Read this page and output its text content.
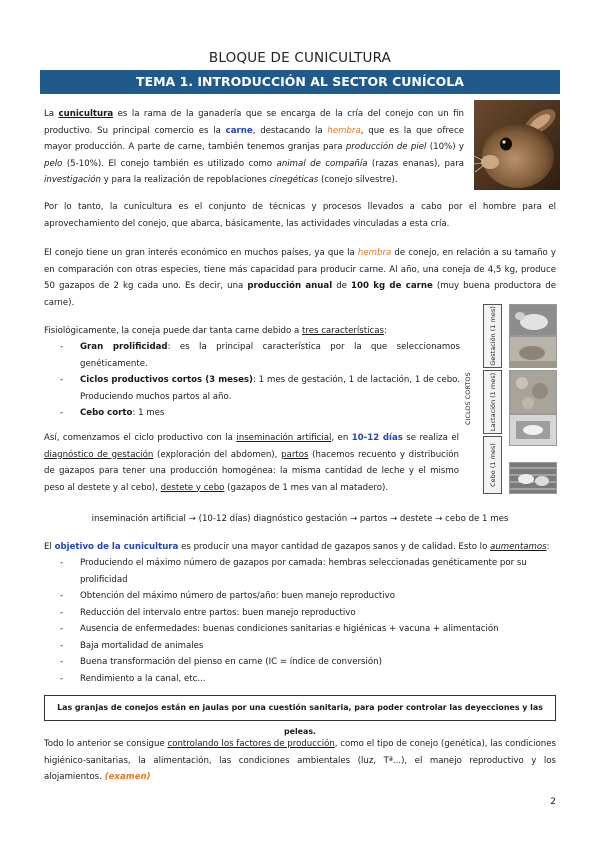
BLOQUE DE CUNICULTURA
TEMA 1. INTRODUCCIÓN AL SECTOR CUNÍCOLA

La cunicultura es la rama de la ganadería que se encarga de la cría del conejo con un fin productivo. Su principal comercio es la carne, destacando la hembra, que es la que ofrece mayor producción. A parte de carne, también tenemos granjas para producción de piel (10%) y pelo (5-10%). El conejo también es utilizado como animal de compañía (razas enanas), para investigación y para la realización de repoblaciones cinegéticas (conejo silvestre).

Por lo tanto, la cunicultura es el conjunto de técnicas y procesos llevados a cabo por el hombre para el aprovechamiento del conejo, que abarca, básicamente, las actividades vinculadas a esta cría.

El conejo tiene un gran interés económico en muchos países, ya que la hembra de conejo, en relación a su tamaño y en comparación con otras especies, tiene más capacidad para producir carne. Al año, una coneja de 4,5 kg, produce 50 gazapos de 2 kg cada uno. Es decir, una producción anual de 100 kg de carne (muy buena productora de carne).

Fisiológicamente, la coneja puede dar tanta carne debido a tres características:

- Gran prolificidad: es la principal característica por la que seleccionamos genéticamente.
- Ciclos productivos cortos (3 meses): 1 mes de gestación, 1 de lactación, 1 de cebo. Produciendo muchos partos al año.
- Cebo corto: 1 mes	CICLOS CORTOS
Gestación (1 mes)
Lactación (1 mes)
Cebo (1 mes)

Así, comenzamos el ciclo productivo con la inseminación artificial, en 10-12 días se realiza el diagnóstico de gestación (exploración del abdomen), partos (hacemos recuento y distribución de gazapos para tener una producción homogénea: la misma cantidad de leche y el mismo peso al destete y al cebo), destete y cebo (gazapos de 1 mes van al matadero).

inseminación artificial → (10-12 días) diagnóstico gestación → partos → destete → cebo de 1 mes

El objetivo de la cunicultura es producir una mayor cantidad de gazapos sanos y de calidad. Esto lo aumentamos:

- Produciendo el máximo número de gazapos por camada: hembras seleccionadas genéticamente por su prolificidad
- Obtención del máximo número de partos/año: buen manejo reproductivo
- Reducción del intervalo entre partos: buen manejo reproductivo
- Ausencia de enfermedades: buenas condiciones sanitarias e higiénicas + vacuna + alimentación
- Baja mortalidad de animales
- Buena transformación del pienso en carne (IC = índice de conversión)
- Rendimiento a la canal, etc...
Las granjas de conejos están en jaulas por una cuestión sanitaria, para poder controlar las deyecciones y las peleas.

Todo lo anterior se consigue controlando los factores de producción, como el tipo de conejo (genética), las condiciones higiénico-sanitarias, la alimentación, las condiciones ambientales (luz, Tª...), el manejo reproductivo y los alojamientos. (examen)

2
